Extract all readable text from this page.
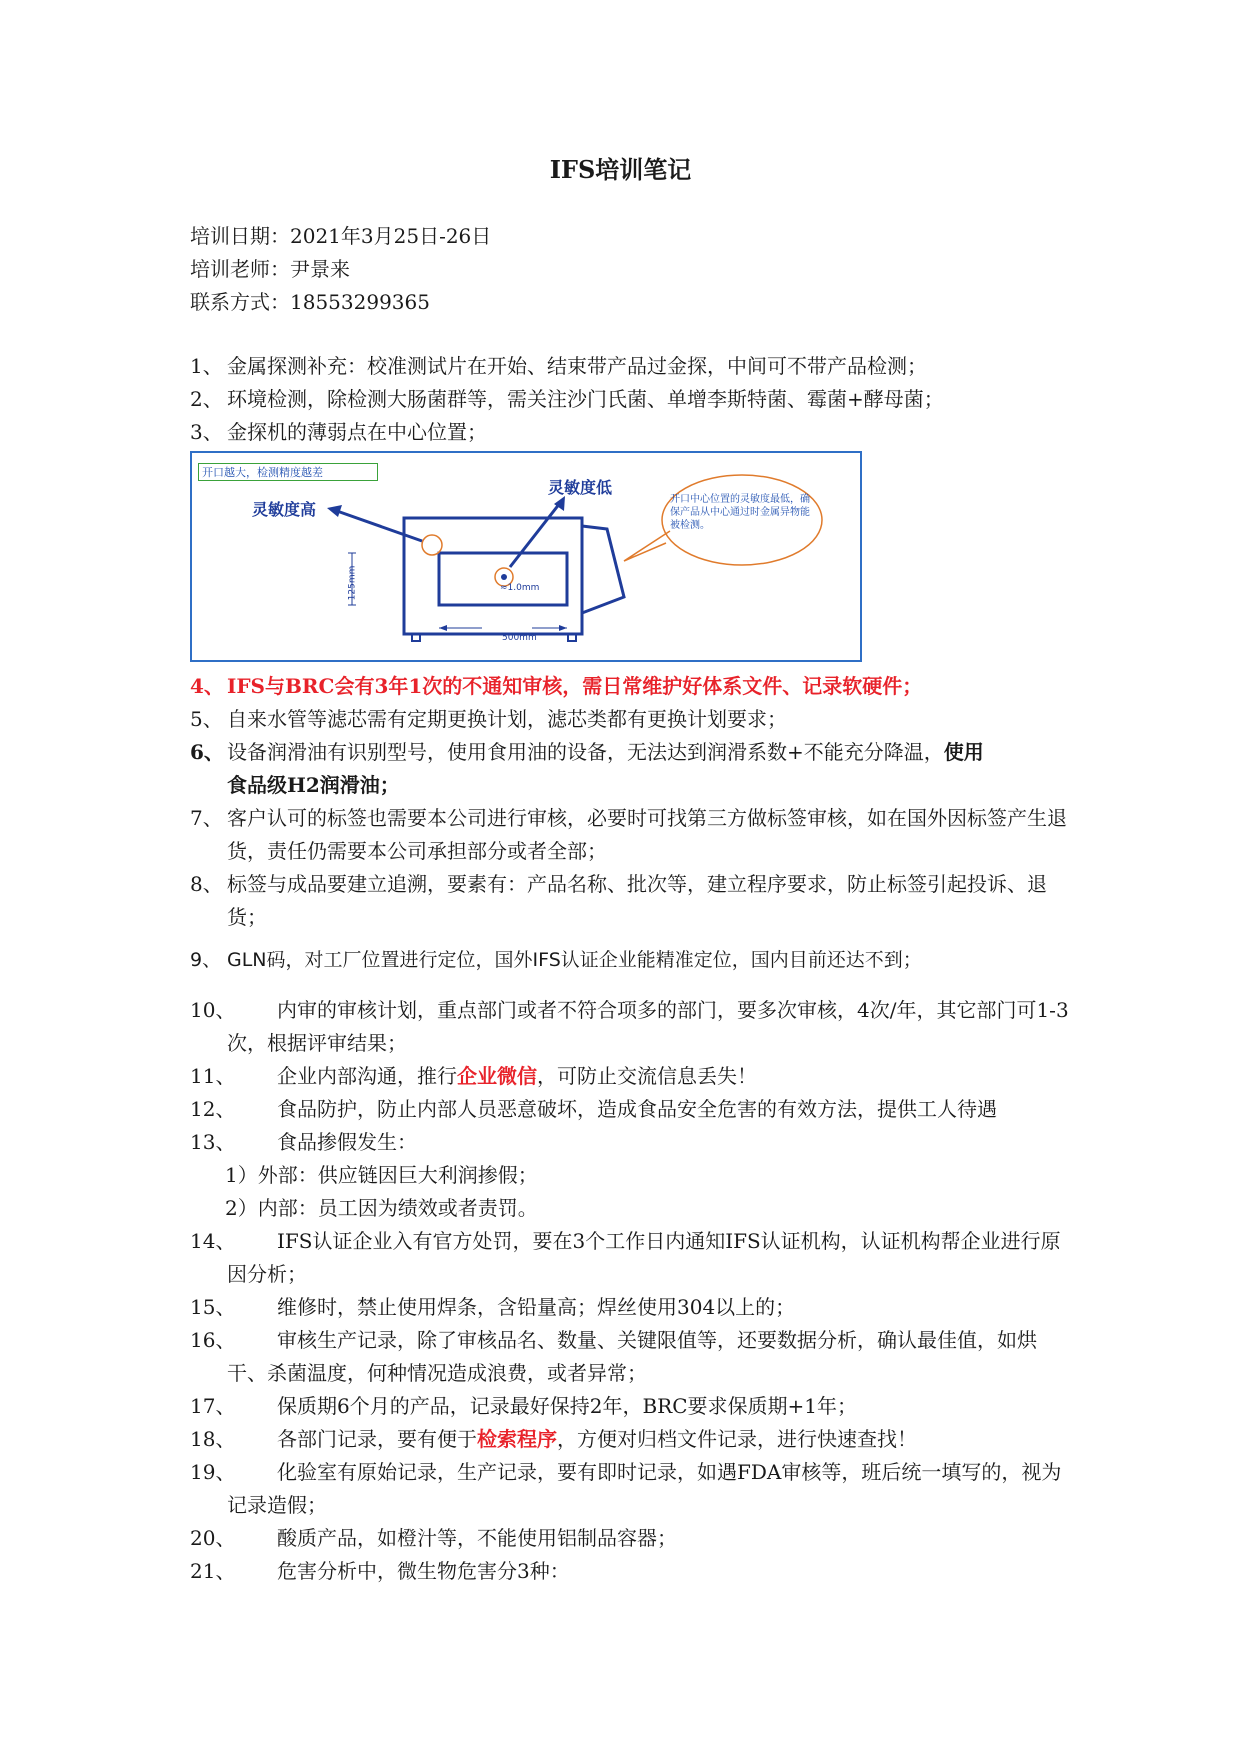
IFS培训笔记
培训日期：2021年3月25日-26日
培训老师：尹景来
联系方式：18553299365
1、 金属探测补充：校准测试片在开始、结束带产品过金探，中间可不带产品检测；
2、 环境检测，除检测大肠菌群等，需关注沙门氏菌、单增李斯特菌、霉菌+酵母菌；
3、 金探机的薄弱点在中心位置；
开口越大，检测精度越差
灵敏度高
灵敏度低
开口中心位置的灵敏度最低，确保产品从中心通过时金属异物能被检测。
≈1.0mm
500mm
125mm
4、 IFS与BRC会有3年1次的不通知审核，需日常维护好体系文件、记录软硬件；
5、 自来水管等滤芯需有定期更换计划，滤芯类都有更换计划要求；
6、 设备润滑油有识别型号，使用食用油的设备，无法达到润滑系数+不能充分降温，使用
食品级H2润滑油；
7、 客户认可的标签也需要本公司进行审核，必要时可找第三方做标签审核，如在国外因标签产生退货，责任仍需要本公司承担部分或者全部；
8、 标签与成品要建立追溯，要素有：产品名称、批次等，建立程序要求，防止标签引起投诉、退货；
9、 GLN码，对工厂位置进行定位，国外IFS认证企业能精准定位，国内目前还达不到；
10、	内审的审核计划，重点部门或者不符合项多的部门，要多次审核，4次/年，其它部门可1-3次，根据评审结果；
11、	企业内部沟通，推行企业微信，可防止交流信息丢失！
12、	食品防护，防止内部人员恶意破坏，造成食品安全危害的有效方法，提供工人待遇
13、	食品掺假发生：
1）外部：供应链因巨大利润掺假；
2）内部：员工因为绩效或者责罚。
14、	IFS认证企业入有官方处罚，要在3个工作日内通知IFS认证机构，认证机构帮企业进行原因分析；
15、	维修时，禁止使用焊条，含铅量高；焊丝使用304以上的；
16、	审核生产记录，除了审核品名、数量、关键限值等，还要数据分析，确认最佳值，如烘干、杀菌温度，何种情况造成浪费，或者异常；
17、	保质期6个月的产品，记录最好保持2年，BRC要求保质期+1年；
18、	各部门记录，要有便于检索程序，方便对归档文件记录，进行快速查找！
19、	化验室有原始记录，生产记录，要有即时记录，如遇FDA审核等，班后统一填写的，视为记录造假；
20、	酸质产品，如橙汁等，不能使用铝制品容器；
21、	危害分析中，微生物危害分3种：
